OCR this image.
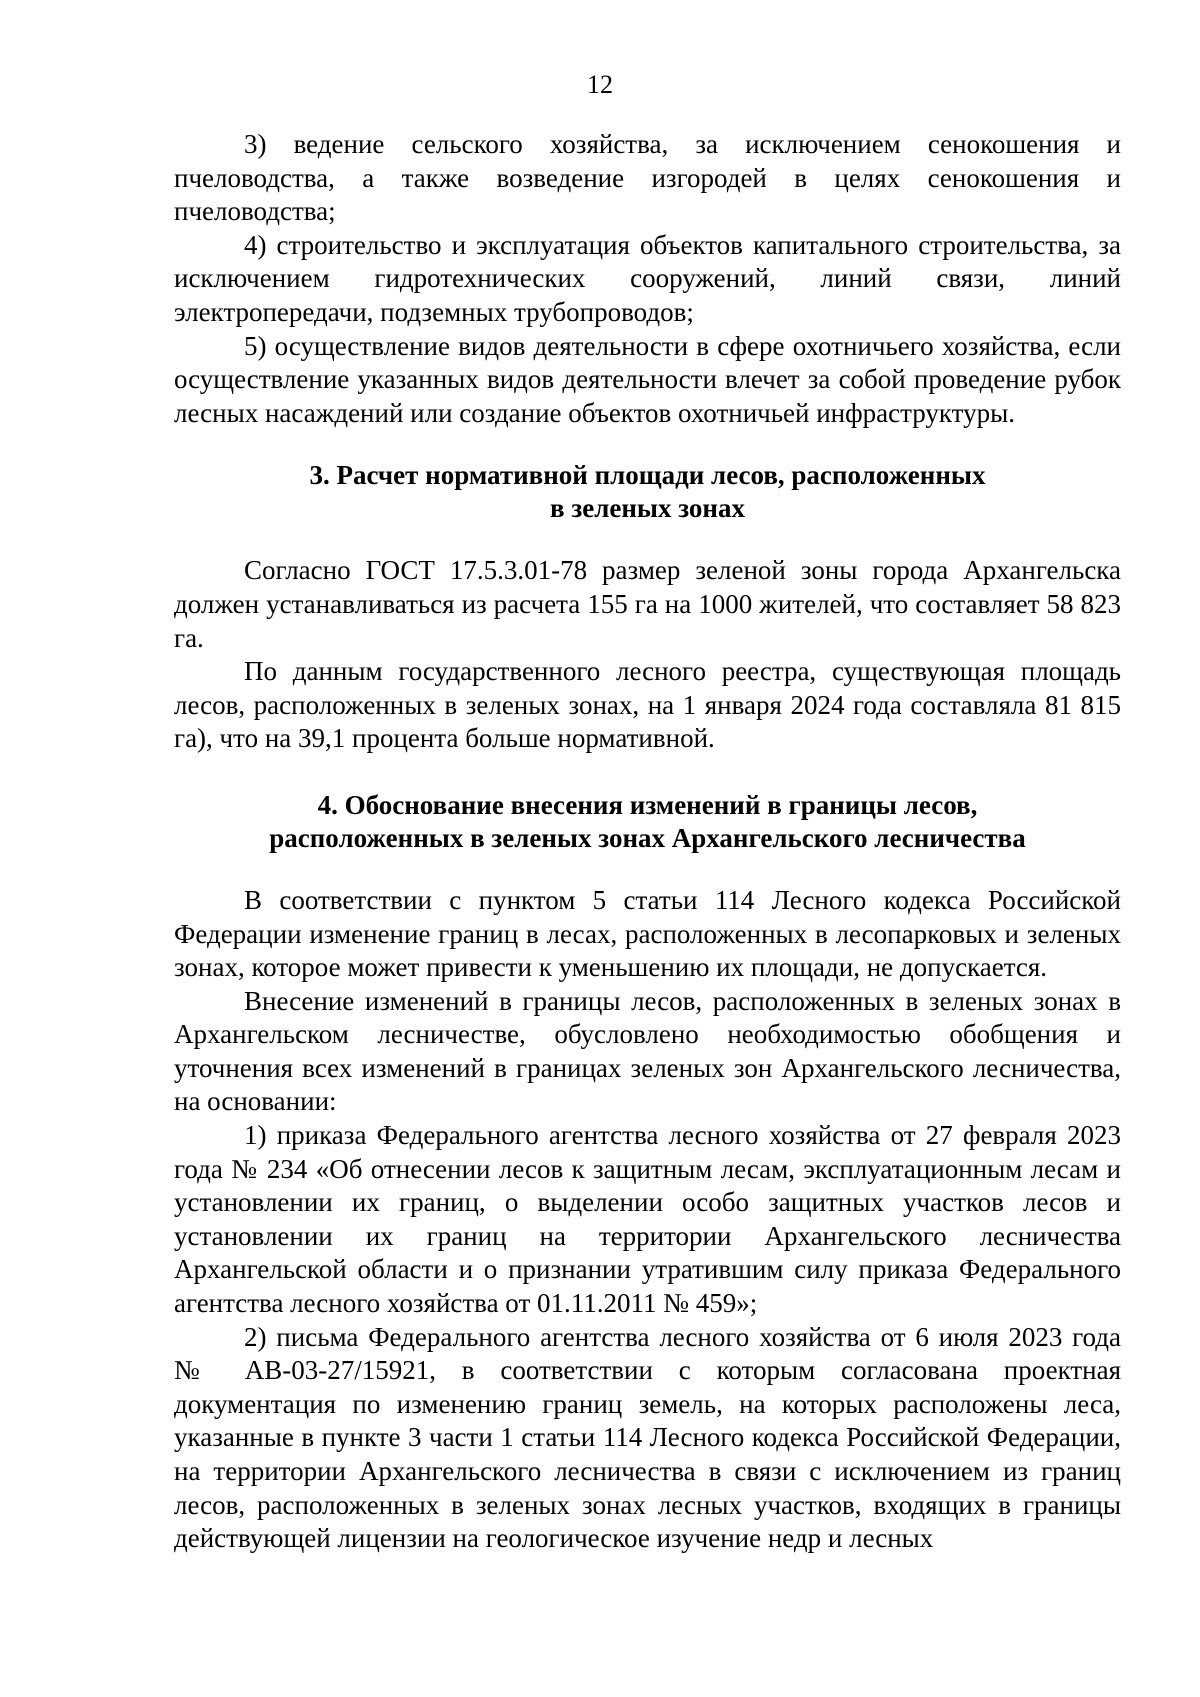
12

3) ведение сельского хозяйства, за исключением сенокошения и пчеловодства, а также возведение изгородей в целях сенокошения и пчеловодства;

4) строительство и эксплуатация объектов капитального строительства, за исключением гидротехнических сооружений, линий связи, линий электропередачи, подземных трубопроводов;

5) осуществление видов деятельности в сфере охотничьего хозяйства, если осуществление указанных видов деятельности влечет за собой проведение рубок лесных насаждений или создание объектов охотничьей инфраструктуры.

3. Расчет нормативной площади лесов, расположенных
в зеленых зонах

Согласно ГОСТ 17.5.3.01-78 размер зеленой зоны города Архангельска должен устанавливаться из расчета 155 га на 1000 жителей, что составляет 58 823 га.

По данным государственного лесного реестра, существующая площадь лесов, расположенных в зеленых зонах, на 1 января 2024 года составляла 81 815 га), что на 39,1 процента больше нормативной.

4. Обоснование внесения изменений в границы лесов,
расположенных в зеленых зонах Архангельского лесничества

В соответствии с пунктом 5 статьи 114 Лесного кодекса Российской Федерации изменение границ в лесах, расположенных в лесопарковых и зеленых зонах, которое может привести к уменьшению их площади, не допускается.

Внесение изменений в границы лесов, расположенных в зеленых зонах в Архангельском лесничестве, обусловлено необходимостью обобщения и уточнения всех изменений в границах зеленых зон Архангельского лесничества, на основании:

1) приказа Федерального агентства лесного хозяйства от 27 февраля 2023 года № 234 «Об отнесении лесов к защитным лесам, эксплуатационным лесам и установлении их границ, о выделении особо защитных участков лесов и установлении их границ на территории Архангельского лесничества Архангельской области и о признании утратившим силу приказа Федерального агентства лесного хозяйства от 01.11.2011 № 459»;

2) письма Федерального агентства лесного хозяйства от 6 июля 2023 года № АВ-03-27/15921, в соответствии с которым согласована проектная документация по изменению границ земель, на которых расположены леса, указанные в пункте 3 части 1 статьи 114 Лесного кодекса Российской Федерации, на территории Архангельского лесничества в связи с исключением из границ лесов, расположенных в зеленых зонах лесных участков, входящих в границы действующей лицензии на геологическое изучение недр и лесных
